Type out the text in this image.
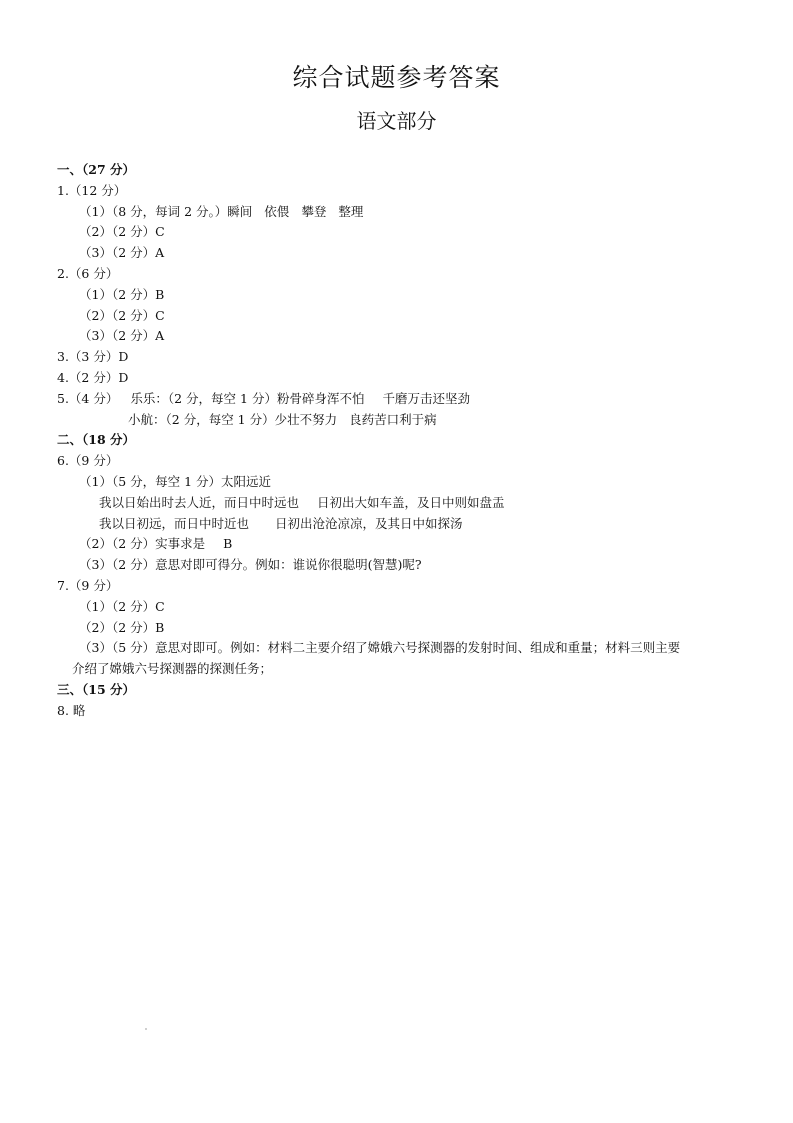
综合试题参考答案
语文部分
一、（27 分）
1.（12 分）
（1）（8 分，每词 2 分。）瞬间 依偎 攀登 整理
（2）（2 分）C
（3）（2 分）A
2.（6 分）
（1）（2 分）B
（2）（2 分）C
（3）（2 分）A
3.（3 分）D
4.（2 分）D
5.（4 分） 乐乐：（2 分，每空 1 分）粉骨碎身浑不怕 千磨万击还坚劲
小航：（2 分，每空 1 分）少壮不努力 良药苦口利于病
二、（18 分）
6.（9 分）
（1）（5 分，每空 1 分）太阳远近
我以日始出时去人近，而日中时远也 日初出大如车盖，及日中则如盘盂
我以日初远，而日中时近也 日初出沧沧凉凉，及其日中如探汤
（2）（2 分）实事求是 B
（3）（2 分）意思对即可得分。例如：谁说你很聪明(智慧)呢?
7.（9 分）
（1）（2 分）C
（2）（2 分）B
（3）（5 分）意思对即可。例如：材料二主要介绍了嫦娥六号探测器的发射时间、组成和重量；材料三则主要
介绍了嫦娥六号探测器的探测任务；
三、（15 分）
8. 略
